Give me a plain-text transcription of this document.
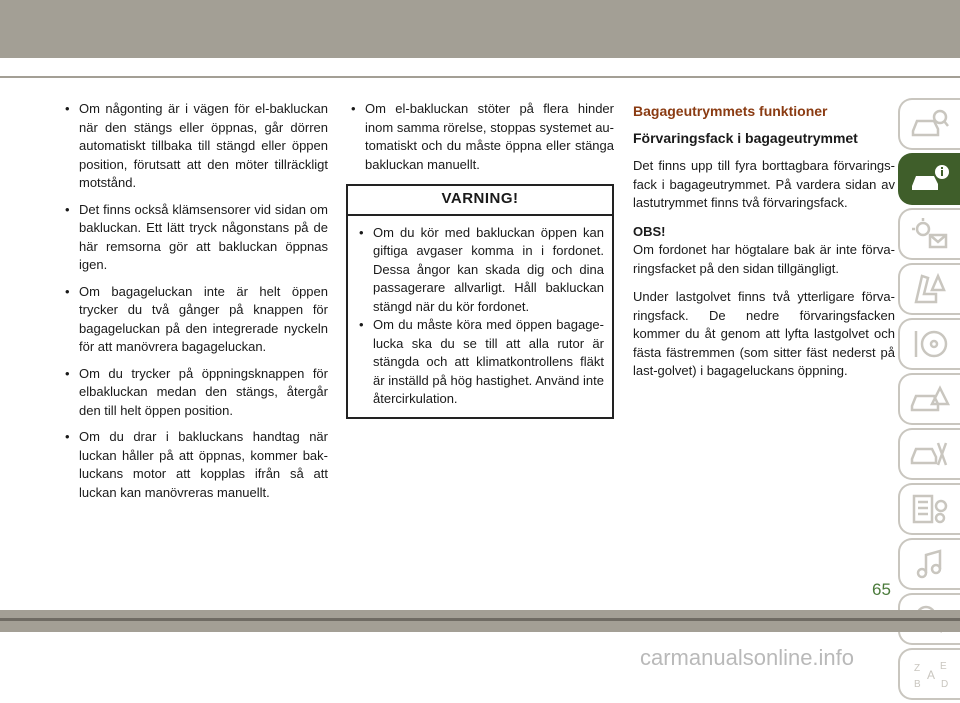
• Om någonting är i vägen för el-bakluckan när den stängs eller öppnas, går dörren automatiskt tillbaka till stängd eller öppen position, förutsatt att den möter tillräckligt motstånd.

• Det finns också klämsensorer vid sidan om bakluckan. Ett lätt tryck någonstans på de här remsorna gör att bakluckan öppnas igen.

• Om bagageluckan inte är helt öppen trycker du två gånger på knappen för bagageluckan på den integrerade nyckeln för att manövrera bagageluckan.

• Om du trycker på öppningsknappen för elbakluckan medan den stängs, återgår den till helt öppen position.

• Om du drar i bakluckans handtag när luckan håller på att öppnas, kommer bak-luckans motor att kopplas ifrån så att luckan kan manövreras manuellt.

• Om el-bakluckan stöter på flera hinder inom samma rörelse, stoppas systemet au-tomatiskt och du måste öppna eller stänga bakluckan manuellt.

VARNING!

• Om du kör med bakluckan öppen kan giftiga avgaser komma in i fordonet. Dessa ångor kan skada dig och dina passagerare allvarligt. Håll bakluckan stängd när du kör fordonet.

• Om du måste köra med öppen bagage-lucka ska du se till att alla rutor är stängda och att klimatkontrollens fläkt är inställd på hög hastighet. Använd inte återcirkulation.

Bagageutrymmets funktioner
Förvaringsfack i bagageutrymmet

Det finns upp till fyra borttagbara förvarings-fack i bagageutrymmet. På vardera sidan av lastutrymmet finns två förvaringsfack.

OBS!
Om fordonet har högtalare bak är inte förva-ringsfacket på den sidan tillgängligt.

Under lastgolvet finns två ytterligare förva-ringsfack. De nedre förvaringsfacken kommer du åt genom att lyfta lastgolvet och fästa fästremmen (som sitter fäst nederst på last-golvet) i bagageluckans öppning.

Z E
A
B D
65
carmanualsonline.info
